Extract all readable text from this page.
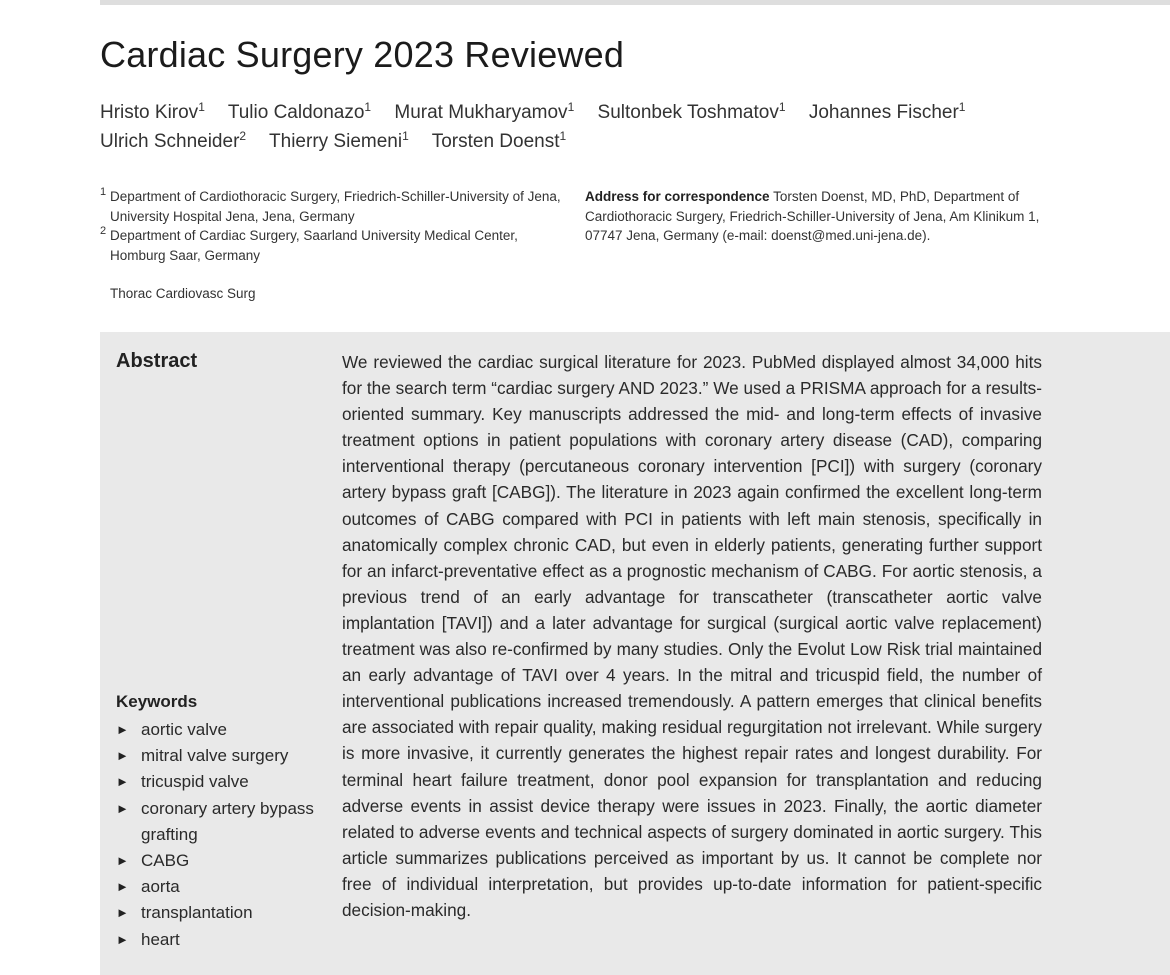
Cardiac Surgery 2023 Reviewed
Hristo Kirov$^1$ Tulio Caldonazo$^1$ Murat Mukharyamov$^1$ Sultonbek Toshmatov$^1$ Johannes Fischer$^1$
Ulrich Schneider$^2$ Thierry Siemeni$^1$ Torsten Doenst$^1$
1 Department of Cardiothoracic Surgery, Friedrich-Schiller-University of Jena, University Hospital Jena, Jena, Germany
2 Department of Cardiac Surgery, Saarland University Medical Center, Homburg Saar, Germany
Thorac Cardiovasc Surg

Address for correspondence Torsten Doenst, MD, PhD, Department of Cardiothoracic Surgery, Friedrich-Schiller-University of Jena, Am Klinikum 1, 07747 Jena, Germany (e-mail: doenst@med.uni-jena.de).

Abstract	We reviewed the cardiac surgical literature for 2023. PubMed displayed almost 34,000 hits for the search term “cardiac surgery AND 2023.” We used a PRISMA approach for a results-oriented summary. Key manuscripts addressed the mid- and long-term effects of invasive treatment options in patient populations with coronary artery disease (CAD), comparing interventional therapy (percutaneous coronary intervention [PCI]) with surgery (coronary artery bypass graft [CABG]). The literature in 2023 again confirmed the excellent long-term outcomes of CABG compared with PCI in patients with left main stenosis, specifically in anatomically complex chronic CAD, but even in elderly patients, generating further support for an infarct-preventative effect as a prognostic mechanism of CABG. For aortic stenosis, a previous trend of an early advantage for transcatheter (transcatheter aortic valve implantation [TAVI]) and a later advantage for surgical (surgical aortic valve replacement) treatment was also re-confirmed by many studies. Only the Evolut Low Risk trial maintained an early advantage of TAVI over 4 years. In the mitral and tricuspid field, the number of interventional publications increased tremendously. A pattern emerges that clinical benefits are associated with repair quality, making residual regurgitation not irrelevant. While surgery is more invasive, it currently generates the highest repair rates and longest durability. For terminal heart failure treatment, donor pool expansion for transplantation and reducing adverse events in assist device therapy were issues in 2023. Finally, the aortic diameter related to adverse events and technical aspects of surgery dominated in aortic surgery. This article summarizes publications perceived as important by us. It cannot be complete nor free of individual interpretation, but provides up-to-date information for patient-specific decision-making.

Keywords
► aortic valve
► mitral valve surgery
► tricuspid valve
► coronary artery bypass grafting
► CABG
► aorta
► transplantation
► heart
